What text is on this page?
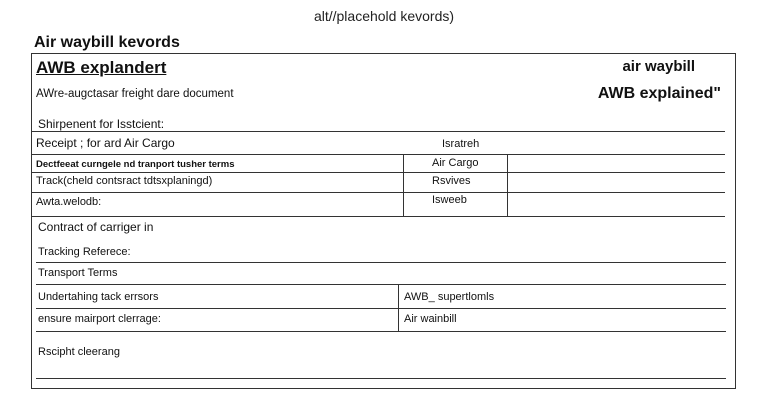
alt//placehold kevords)
Air waybill kevords
AWB explandert	air waybill
AWB explained"
AWre-augctasar freight dare document
Shirpenent for Isstcient:
Receipt ; for ard Air Cargo	Isratreh
Dectfeeat curngele nd tranport tusher terms	Air Cargo
Track(cheld contsract tdtsxplaningd)	Rsvives
Awta.welodb:	Isweeb
Contract of carriger in
Tracking Referece:
Transport Terms
Undertahing tack errsors	AWB_ supertlomls
ensure mairport clerrage:	Air wainbill
Rscipht cleerang
